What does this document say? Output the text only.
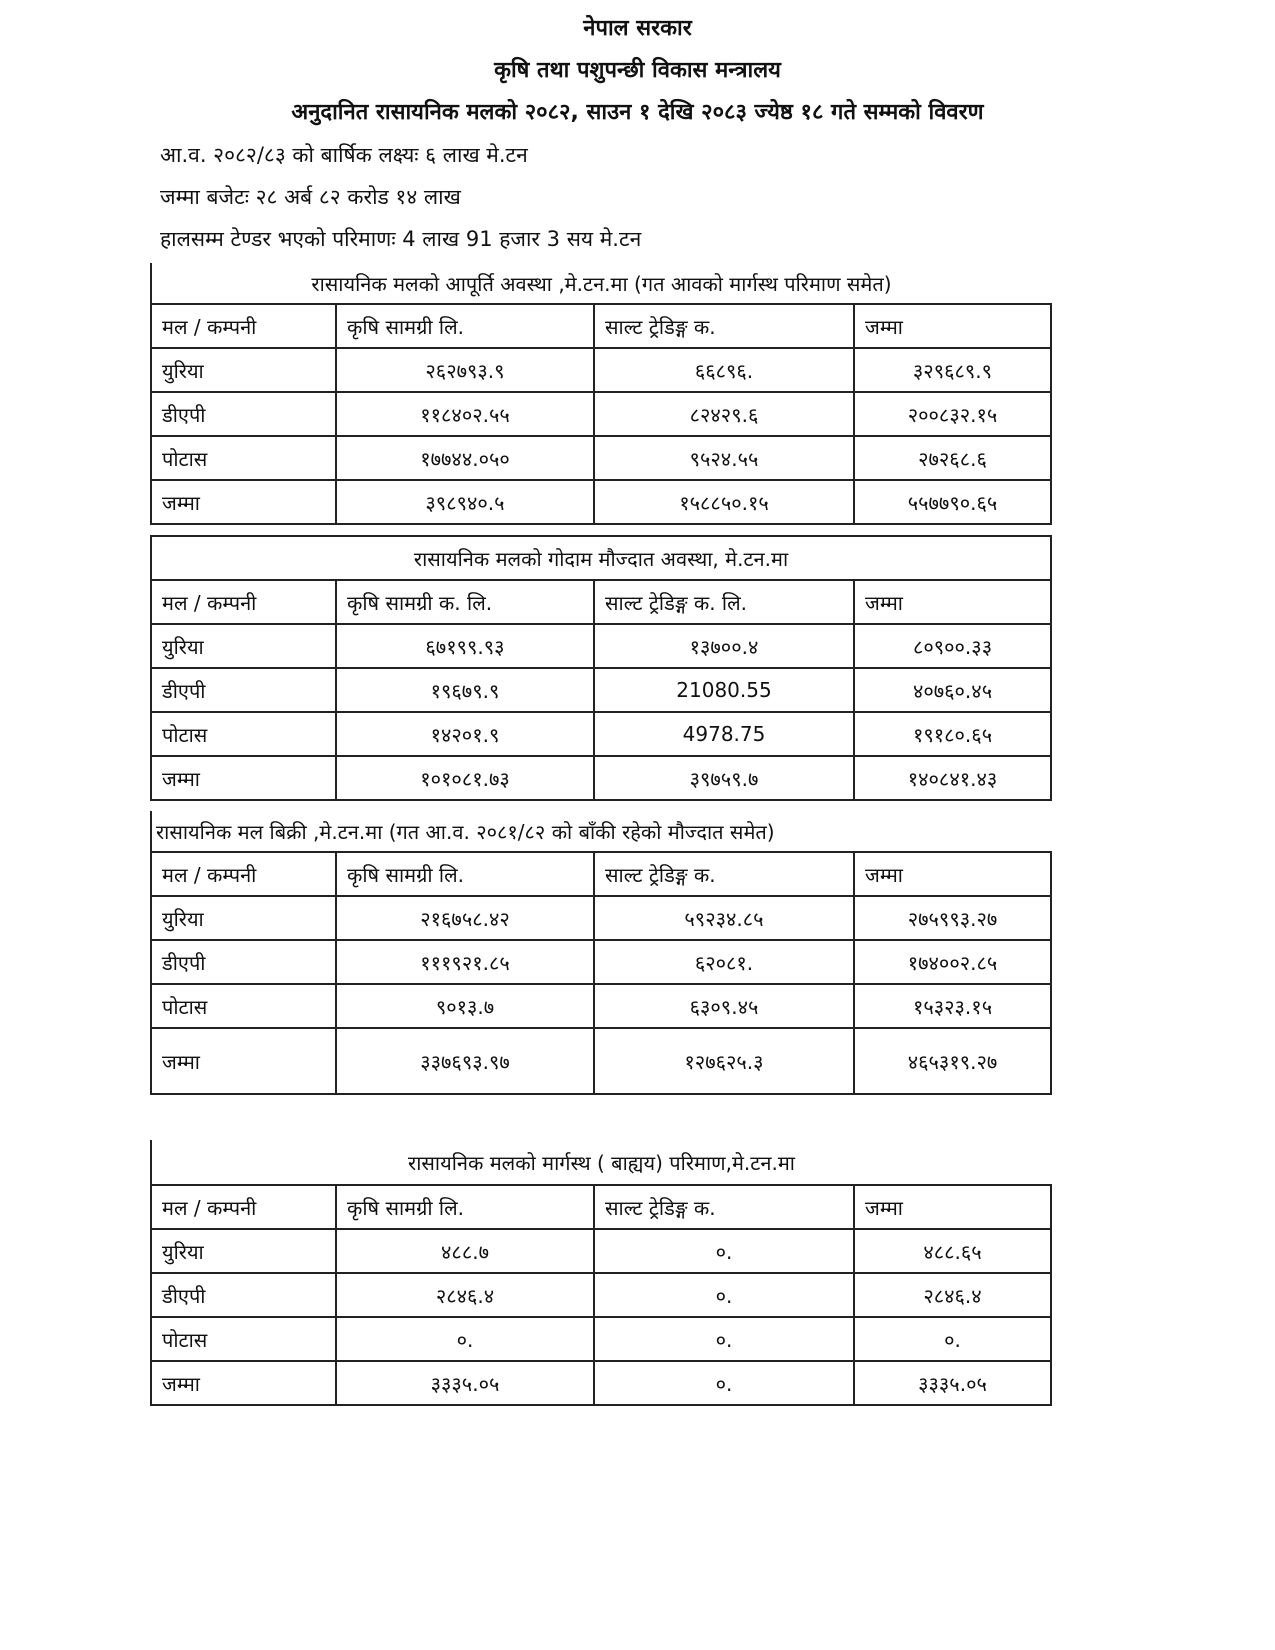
नेपाल सरकार
कृषि तथा पशुपन्छी विकास मन्त्रालय
अनुदानित रासायनिक मलको २०८२, साउन १ देखि २०८३ ज्येष्ठ १८ गते सम्मको विवरण

आ.व. २०८२/८३ को बार्षिक लक्ष्यः ६ लाख मे.टन

जम्मा बजेटः २८ अर्ब ८२ करोड १४ लाख

हालसम्म टेण्डर भएको परिमाणः 4 लाख 91 हजार 3 सय मे.टन

रासायनिक मलको आपूर्ति अवस्था ,मे.टन.मा (गत आवको मार्गस्थ परिमाण समेत)			
मल / कम्पनी	कृषि सामग्री लि.	साल्ट ट्रेडिङ्ग क.	जम्मा
युरिया	२६२७९३.९	६६८९६.	३२९६८९.९
डीएपी	११८४०२.५५	८२४२९.६	२००८३२.१५
पोटास	१७७४४.०५०	९५२४.५५	२७२६८.६
जम्मा	३९८९४०.५	१५८८५०.१५	५५७७९०.६५
रासायनिक मलको गोदाम मौज्दात अवस्था, मे.टन.मा			
मल / कम्पनी	कृषि सामग्री क. लि.	साल्ट ट्रेडिङ्ग क. लि.	जम्मा
युरिया	६७१९९.९३	१३७००.४	८०९००.३३
डीएपी	१९६७९.९	21080.55	४०७६०.४५
पोटास	१४२०१.९	4978.75	१९१८०.६५
जम्मा	१०१०८१.७३	३९७५९.७	१४०८४१.४३
रासायनिक मल बिक्री ,मे.टन.मा (गत आ.व. २०८१/८२ को बाँकी रहेको मौज्दात समेत)			
मल / कम्पनी	कृषि सामग्री लि.	साल्ट ट्रेडिङ्ग क.	जम्मा
युरिया	२१६७५८.४२	५९२३४.८५	२७५९९३.२७
डीएपी	१११९२१.८५	६२०८१.	१७४००२.८५
पोटास	९०१३.७	६३०९.४५	१५३२३.१५
जम्मा	३३७६९३.९७	१२७६२५.३	४६५३१९.२७
रासायनिक मलको मार्गस्थ ( बाह्यय) परिमाण,मे.टन.मा			
मल / कम्पनी	कृषि सामग्री लि.	साल्ट ट्रेडिङ्ग क.	जम्मा
युरिया	४८८.७	०.	४८८.६५
डीएपी	२८४६.४	०.	२८४६.४
पोटास	०.	०.	०.
जम्मा	३३३५.०५	०.	३३३५.०५
